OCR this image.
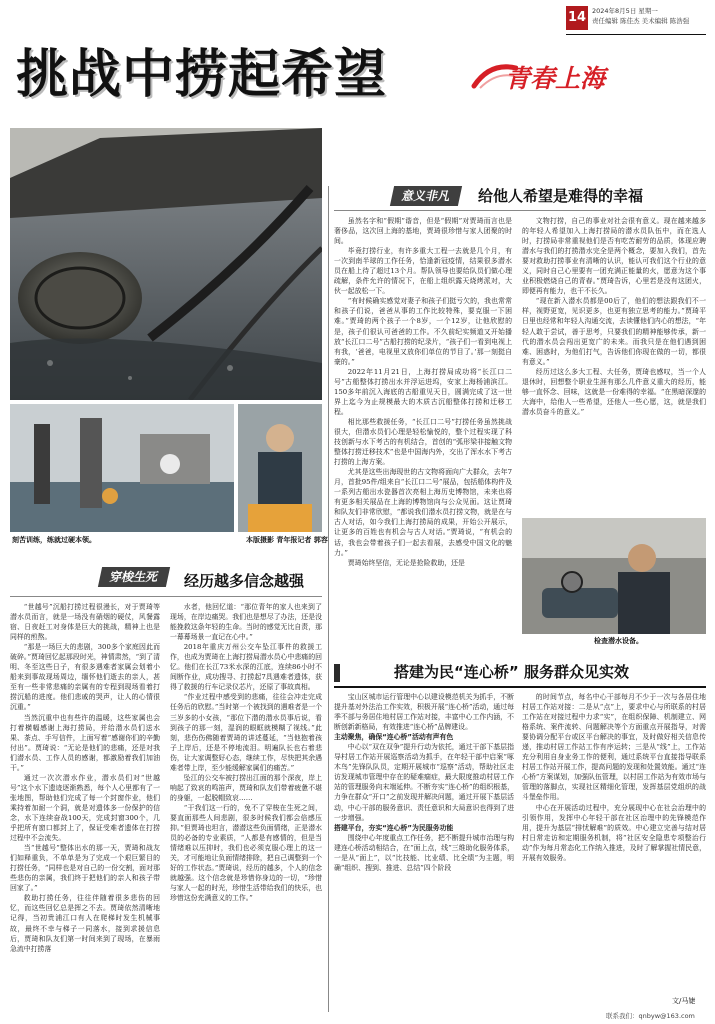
14 2024年8月5日 星期一
责任编辑 陈佳杰 美术编辑 陈浩强
挑战中捞起希望	青春上海
刻苦训练，练就过硬本领。	本版摄影 青年报记者 郭容
意义非凡	给他人希望是难得的幸福

虽然名字和“假期”谐音，但是“假期”对贾琦而言也是奢侈品，这次回上海的基地，贾琦很珍惜与家人团聚的时间。

毕竟打捞行业，有许多重大工程一去就是几个月，有一次到南半球的工作任务，恰逢新冠疫情，结果很多潜水员在船上待了超过13个月。帮队领导也要给队员们做心理疏解，条件允许的情况下，在船上组织露天烧烤派对，大伙一起放松一下。

“有时候确实感觉对妻子和孩子们挺亏欠的，我也常常和孩子们说，爸爸从事的工作比较特殊，要克服一下困难。”贾琦的两个孩子一个8岁，一个12岁，让他欣慰的是，孩子们很认可爸爸的工作。不久前纪实频道又开始播放“长江口二号”古船打捞的纪录片，“孩子们一看到电视上有我，‘爸爸，电视里又放你们单位的节目了。’那一刻挺自豪的。”

2022年11月21日，上海打捞局成功将“长江口二号”古船整体打捞出水并浮运进坞，安家上海杨浦滨江。150多年前沉入海底的古船重见天日，圆满完成了这一世界上迄今为止规模最大的木质古沉船整体打捞和迁移工程。

相比那些救援任务，“长江口二号”打捞任务虽然挑战很大，但潜水员们心理是轻松愉悦的，整个过程实现了科技创新与水下考古的有机结合，首创的“弧形梁非接触文物整体打捞迁移技术”也是中国海内外，交出了浑水水下考古打捞的上海方案。

尤其是这些出海现世的古文物将面向广大群众，去年7月，首批95件/组来自“长江口二号”展品，包括船体构件及一系列古船出水瓷器首次亮相上海历史博物馆，未来也将有更多相关展品在上海的博物馆向与公众见面。这让贾琦和队友们非常欣慰，“都说我们潜水员打捞文物，就是在与古人对话，如今我们上海打捞局的成果，开始公开展示，让更多的百姓也有机会与古人对话。”贾琦说，“有机会的话，我也会带着孩子们一起去看展，去感受中国文化的魅力。”

贾琦始终坚信，无论是抢险救助，还是

文物打捞，自己的事业对社会很有意义。现在越来越多的年轻人希望加入上海打捞局的潜水员队伍中，而在选人时，打捞局非常重视他们是否有吃苦耐劳的品质，体现应聘潜水与我们的打捞潜水完全是两个概念，要加入我们，首先要对救助打捞事业有清晰的认识，能认可我们这个行业的意义，同时自己心里要有一团充满正能量的火，愿意为这个事业积极燃烧自己的青春。”贾琦告诉，心里若是没有这团火，即便再有能力，也干不长久。

“现在新入潜水员都是00后了，他们的想法跟我们不一样，视野更宽，见识更多，也更有独立思考的能力。”贾琦平日里也经常和年轻人沟通交流，去读懂他们内心的想法，“年轻人敢于尝试，善于思考，只要我们的精神能够传承，新一代的潜水员会闯出更宽广的未来。而我只是在他们遇到困难、困惑时，为他们打气，告诉他们你现在做的一切，都很有意义。”

经历过这么多大工程、大任务，贾琦也感叹，当一个人退休时，回想整个职业生涯有那么几件意义重大的经历，能够一直怀念、回味，这就是一份难得的幸福。“在黑暗深邃的大海中，给他人一些希望，还他人一些心愿，这，就是我们潜水员奋斗的意义。”

检查潜水设备。
穿梭生死	经历越多信念越强

“世越号”沉船打捞过程很漫长，对于贾琦等潜水员而言，就是一场没有硝烟的硬仗，风餐露宿、日夜赶工对身体是巨大的挑战，精神上也是同样的煎熬。

“那是一场巨大的悲剧，300多个家庭因此而破碎。”贾琦回忆起那段时光，神情肃然，“到了清明、冬至这些日子，有很多遇难者家属会划着小船来到事故现场周边，缅怀他们逝去的亲人，甚至有一些非常悲痛的亲属有的专程到现场看着打捞沉船的进度。他们悲戚的哭声，让人的心情很沉重。”

当然沉重中也有些许的温暖，这些家属也会打着横幅感谢上海打捞局，并给潜水员们送水果、茶点、手写信件，上面写着“感谢你们的辛勤付出”。贾琦说：“无论是他们的悲痛，还是对我们潜水员、工作人员的感谢，都激励着我们加油干。”

通过一次次潜水作业，潜水员们对“世越号”这个水下遗迹逐渐熟悉，每个人心里都有了一张地图，帮助他们完成了每一个封窗作业，他们乘持着加耐一个洞，就是对遗体多一份保护的信念，水下连续奋战100天，完成封窗300个，几乎把所有窗口都封上了，保证受难者遗体在打捞过程中不会流失。

当“世越号”整体出水的那一天，贾琦和战友们如释重负，不单单是为了完成一个艰巨繁目的打捞任务，“同样也是对自己的一份交割，面对那些悲伤的亲属，我们终于把他们的亲人和孩子带回家了。”

救助打捞任务，往往伴随着很多悲伤的回忆，而这些回忆总是挥之不去。贾琦依然清晰地记得，当初贵浦江口有人在爬梯时发生机械事故，最终不幸与梯子一同落水，接到求援信息后，贾琦和队友们第一时间来到了现场，在暴雨急流中打捞落

水者，他回忆道：“那位青年的家人也来到了现场，在岸边痛哭。我们也是想尽了办法，还是没能挽救这条年轻的生命。当时的感觉无比自责，那一幕幕场景一直记在心中。”

2018年重庆万州公交车坠江事件的救援工作，也成为贾琦在上海打捞局潜水员心中悲痛的回忆。他们在长江73米水深的江底，连续86小时不间断作业，成功搜寻、打捞起7具遇难者遗体，获得了救援的行车记录仪芯片，还原了事故真相。

“作业过程中感受到的悲痛，往往会冲走完成任务后的欣慰。”当时第一个被找到的遇难者是一个三岁多的小女孩，“那位下潜的潜水员事后说，看到孩子的那一刻，湿润的眼眶就模糊了视线。”此刻，悲伤伤佛随着贾琦的讲述蔓延，“当他抱着孩子上岸后，还是不停地流泪。明遍队长也右着悲伤，让大家调整好心态，继续工作，尽快把其余遇难者带上岸，至少能缓解家属们的痛苦。”

坠江的公交车被打捞出江面的那个深夜，岸上响起了致哀的鸣笛声，贾琦和队友们带着疲惫不堪的身躯，一起脱帽致哀……

“干我们这一行的，免不了穿梭在生死之间，要直面那些人间悲剧，很多时候我们都会倍感压抑。”但贾琦也坦言，潜潜这些负面情绪，正是潜水员的必备的专业素质，“人都是有感情的，但是当情绪难以压抑时，我们也必须克服心理上的这一关，才可能地让负面情绪排除，把自己调整到一个好的工作状态。”贾琦说，经历的越多，个人的信念就越强。这个信念就是珍惜你身边的一切，“珍惜与家人一起的时光，珍惜生活带给我们的快乐，也珍惜这份充满意义的工作。”

搭建为民“连心桥” 服务群众见实效

宝山区城市运行管理中心以建设模范机关为抓手，不断提升基对外法治工作实效，积极开展“连心桥”活动，通过每季不部与务居住地村居工作站对接，丰富中心工作内涵，不断创新新格局，有效推进“连心桥”品牌建设。

主动聚焦，确保“连心桥”活动有声有色

中心以“双在双争”提升行动为依托，通过干部下基层指导村居工作站开展巡察活动为抓手，在年轻干部中启案“啄木鸟”先锋队队员，定期开展城市“巡察”活动，帮助社区走访发现城市管理中存在的疑难痼症，最大限度推动村居工作站的管理服务向末端延伸。不断夯实“连心桥”的组织根基，力争在群众“开口”之前发现并解决问题，通过开展下基层活动，中心干部的服务意识、责任意识和大局意识也得到了进一步增强。

搭建平台，夯实“连心桥”为民服务功能

围绕中心年度重点工作任务，把不断提升城市治理与构建连心桥活动相结合，在“面上点，线”三维助化服务体系，一是从“面上”，以“比技能、比业绩、比全绩”为主题，明确“组织、搜到、推进、总结”四个阶段

的时间节点，每名中心干部每月不少于一次与各居住地村居工作站对接：二是从“点”上，要求中心与所联系的村居工作站在对接过程中力求“实”，在组织保障、机制建立、网格系统、案件流转、问题解决等个方面重点开展指导，对需要协调分配平台或区平台解决的事宜，及时做好相关信息传递，推动村居工作站工作有序运转；三是从“线”上，工作站充分利用自身业务工作的便利，通过系统平台直接指导联系村居工作站开展工作，提高问题的发现和处置效能。通过“连心桥”方案谋划，加强队伍管理，以村居工作站为有效市场与管理的落脚点，实现社区精细化管理，发挥基层党组织的战斗堡垒作用。

中心在开展活动过程中，充分展现中心在社会治理中的引领作用，发挥中心年轻干部在社区治理中的先锋模范作用，提升为基层“排忧解难”的质效。中心建立完善与结对居村日常走访和定期服务机制，将“社区安全隐患专项整治行动”作为每月常态化工作纳入推进，及时了解掌握社情民意，开展有效服务。

文/马婕
联系我们：qnbyw@163.com
